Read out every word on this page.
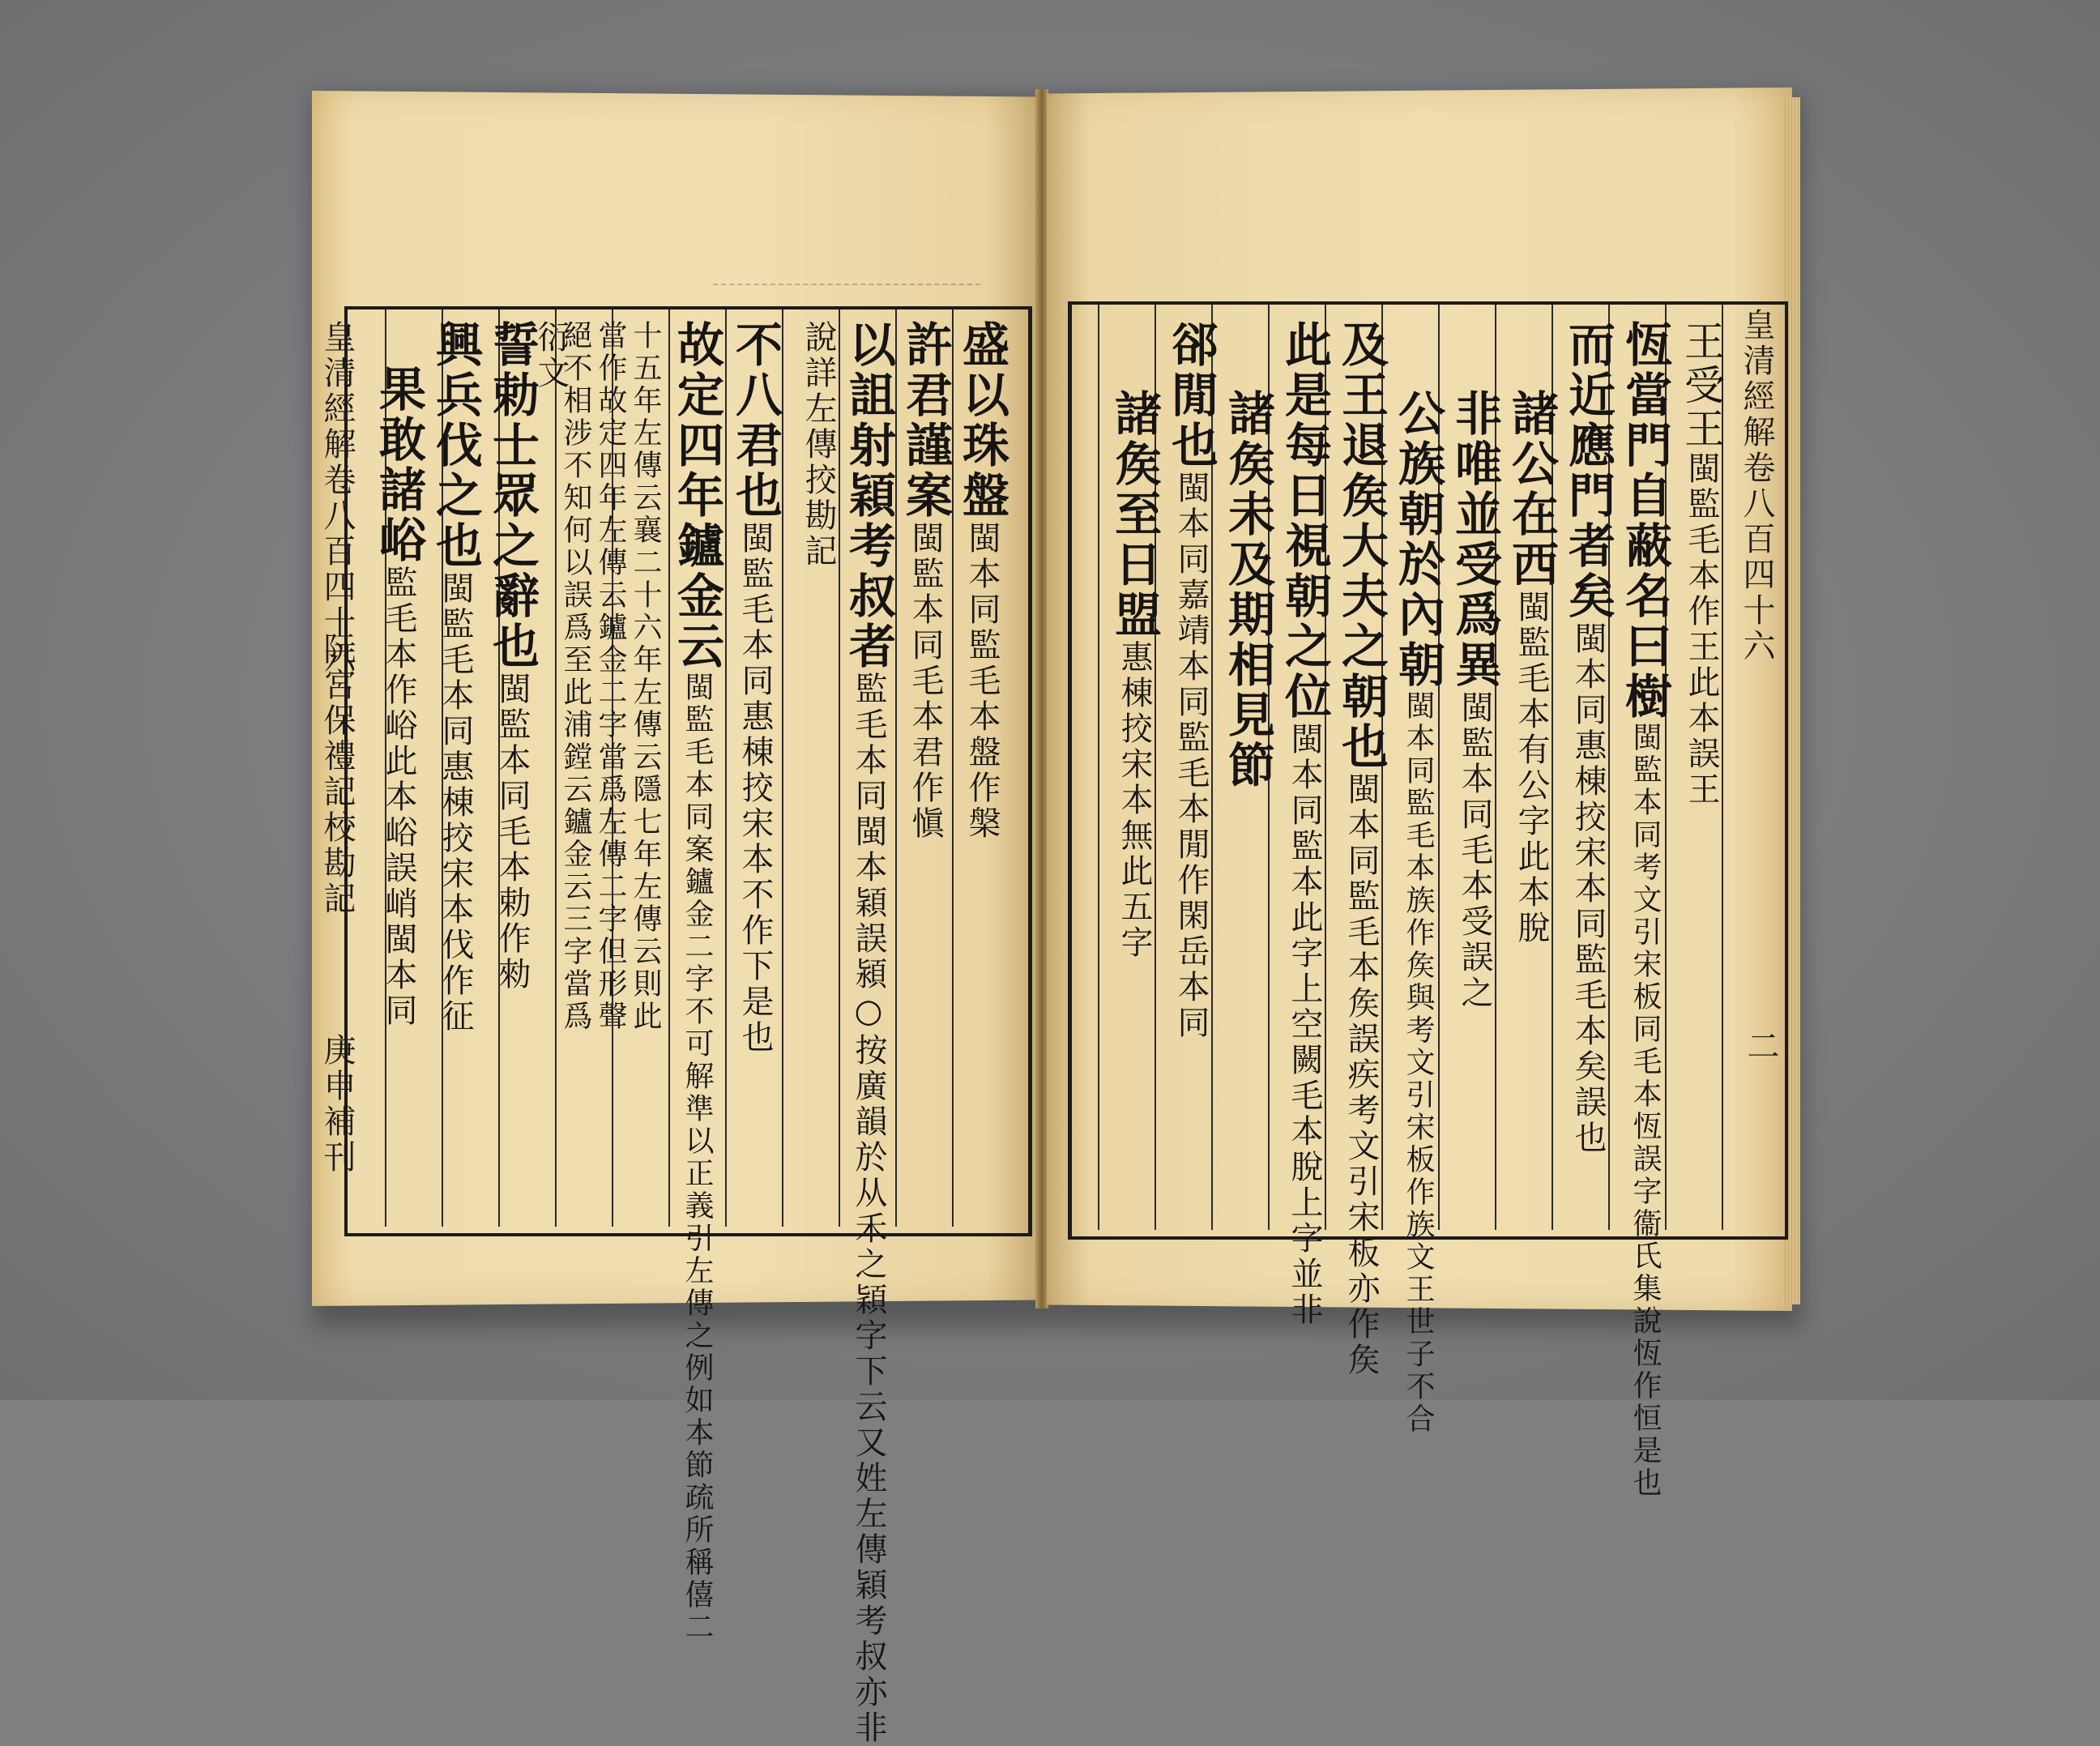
皇清經解卷八百四十六
阮宮保禮記校勘記
庚申補刊
盛以珠盤閩本同監毛本盤作槃
許君謹案閩監本同毛本君作愼
以詛射穎考叔者監毛本同閩本穎誤潁○按廣韻於从禾之穎字下云又姓左傳穎考叔亦非
說詳左傳挍勘記
不八君也閩監毛本同惠棟挍宋本不作下是也
故定四年鑪金云閩監毛本同案鑪金二字不可解準以正義引左傳之例如本節疏所稱僖二
十五年左傳云襄二十六年左傳云隱七年左傳云則此
當作故定四年左傳云鑪金二字當爲左傳二字但形聲
絕不相涉不知何以誤爲至此浦鏜云鑪金云三字當爲
衍文
誓勅士眾之辭也閩監本同毛本勅作勑
興兵伐之也閩監毛本同惠棟挍宋本伐作征
果敢諸峪監毛本作峪此本峪誤峭閩本同
皇清經解卷八百四十六
二
王受王閩監毛本作王此本誤王
恆當門自蔽名曰樹閩監本同考文引宋板同毛本恆誤字衞氏集說恆作恒是也
而近應門者矣閩本同惠棟挍宋本同監毛本矣誤也
諸公在西閩監毛本有公字此本脫
非唯並受爲異閩監本同毛本受誤之
公族朝於內朝閩本同監毛本族作矦與考文引宋板作族文王世子不合
及王退矦大夫之朝也閩本同監毛本矦誤疾考文引宋板亦作矦
此是每日視朝之位閩本同監本此字上空闕毛本脫上字並非
諸矦未及期相見節
郤閒也閩本同嘉靖本同監毛本閒作閑岳本同
諸矦至日盟惠棟挍宋本無此五字
